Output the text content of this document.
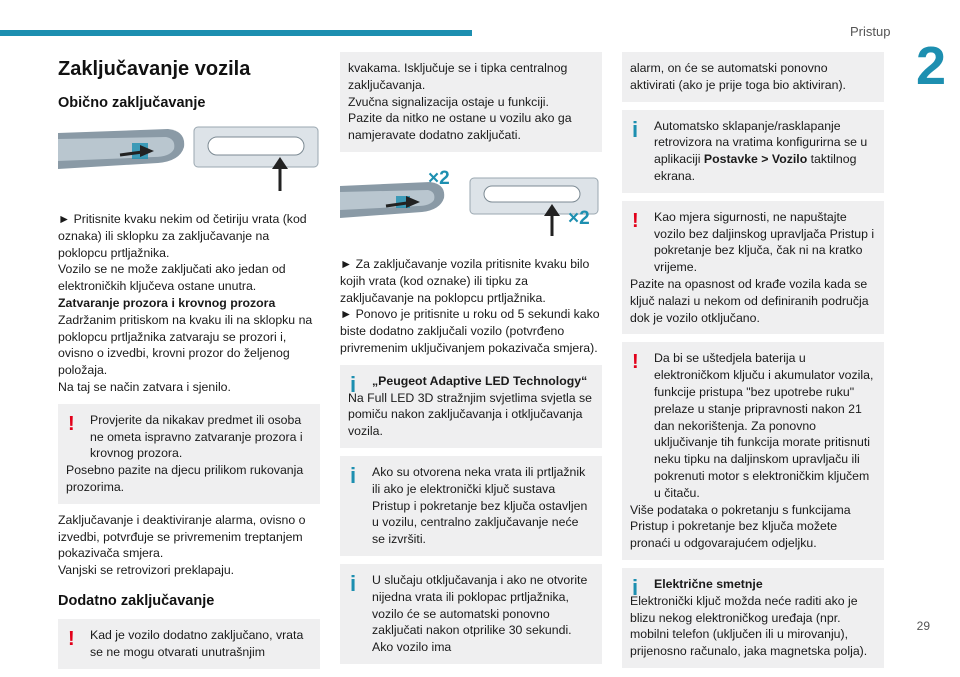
Pristup
2
29
Zaključavanje vozila
Obično zaključavanje

► Pritisnite kvaku nekim od četiriju vrata (kod oznaka) ili sklopku za zaključavanje na poklopcu prtljažnika.

Vozilo se ne može zaključati ako jedan od elektroničkih ključeva ostane unutra.

Zatvaranje prozora i krovnog prozora

Zadržanim pritiskom na kvaku ili na sklopku na poklopcu prtljažnika zatvaraju se prozori i, ovisno o izvedbi, krovni prozor do željenog položaja.

Na taj se način zatvara i sjenilo.

!	Provjerite da nikakav predmet ili osoba ne ometa ispravno zatvaranje prozora i krovnog prozora.

Posebno pazite na djecu prilikom rukovanja prozorima.

Zaključavanje i deaktiviranje alarma, ovisno o izvedbi, potvrđuje se privremenim treptanjem pokazivača smjera.

Vanjski se retrovizori preklapaju.

Dodatno zaključavanje
!	Kad je vozilo dodatno zaključano, vrata se ne mogu otvarati unutrašnjim

kvakama. Isključuje se i tipka centralnog zaključavanja.

Zvučna signalizacija ostaje u funkciji.

Pazite da nitko ne ostane u vozilu ako ga namjeravate dodatno zaključati.

×2
×2

► Za zaključavanje vozila pritisnite kvaku bilo kojih vrata (kod oznake) ili tipku za zaključavanje na poklopcu prtljažnika.

► Ponovo je pritisnite u roku od 5 sekundi kako biste dodatno zaključali vozilo (potvrđeno privremenim uključivanjem pokazivača smjera).

i	„Peugeot Adaptive LED Technology“

Na Full LED 3D stražnjim svjetlima svjetla se pomiču nakon zaključavanja i otključavanja vozila.

i	Ako su otvorena neka vrata ili prtljažnik ili ako je elektronički ključ sustava Pristup i pokretanje bez ključa ostavljen u vozilu, centralno zaključavanje neće se izvršiti.

i	U slučaju otključavanja i ako ne otvorite nijedna vrata ili poklopac prtljažnika, vozilo će se automatski ponovno zaključati nakon otprilike 30 sekundi. Ako vozilo ima

alarm, on će se automatski ponovno aktivirati (ako je prije toga bio aktiviran).

i	Automatsko sklapanje/rasklapanje retrovizora na vratima konfigurirna se u aplikaciji Postavke > Vozilo taktilnog ekrana.

!	Kao mjera sigurnosti, ne napuštajte vozilo bez daljinskog upravljača Pristup i pokretanje bez ključa, čak ni na kratko vrijeme.

Pazite na opasnost od krađe vozila kada se ključ nalazi u nekom od definiranih područja dok je vozilo otključano.

!	Da bi se uštedjela baterija u elektroničkom ključu i akumulator vozila, funkcije pristupa "bez upotrebe ruku" prelaze u stanje pripravnosti nakon 21 dan nekorištenja. Za ponovno uključivanje tih funkcija morate pritisnuti neku tipku na daljinskom upravljaču ili pokrenuti motor s elektroničkim ključem u čitaču.

Više podataka o pokretanju s funkcijama Pristup i pokretanje bez ključa možete pronaći u odgovarajućem odjeljku.

i	Električne smetnje

Elektronički ključ možda neće raditi ako je blizu nekog elektroničkog uređaja (npr. mobilni telefon (uključen ili u mirovanju), prijenosno računalo, jaka magnetska polja).
